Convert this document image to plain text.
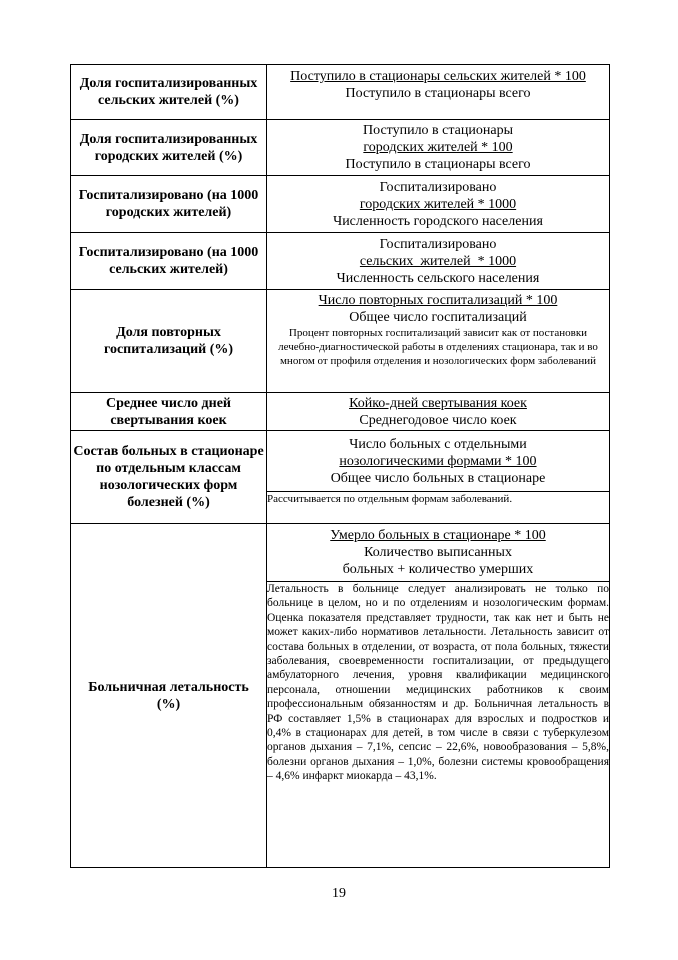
Доля госпитализированных сельских жителей (%)	Поступило в стационары сельских жителей * 100
Поступило в стационары всего

Доля госпитализированных городских жителей (%)	Поступило в стационары
городских жителей * 100
Поступило в стационары всего

Госпитализировано (на 1000 городских жителей)	Госпитализировано
городских жителей * 1000
Численность городского населения

Госпитализировано (на 1000 сельских жителей)	Госпитализировано
сельских  жителей  * 1000
Численность сельского населения

Доля повторных госпитализаций (%)	Число повторных госпитализаций * 100
Общее число госпитализаций
Процент повторных госпитализаций зависит как от постановки лечебно-диагностической работы в отделениях стационара, так и во многом от профиля отделения и нозологических форм заболеваний

Среднее число дней свертывания коек	Койко-дней свертывания коек
Среднегодовое число коек

Состав больных в стационаре по отдельным классам нозологических форм болезней (%)	Число больных с отдельными
нозологическими формами * 100
Общее число больных в стационаре

	Рассчитывается по отдельным формам заболеваний.
Больничная летальность (%)	Умерло больных в стационаре * 100
Количество выписанных
больных + количество умерших

	Летальность в больнице следует анализировать не только по больнице в целом, но и по отделениям и нозологическим формам. Оценка показателя представляет трудности, так как нет и быть не может каких-либо нормативов летальности. Летальность зависит от состава больных в отделении, от возраста, от пола больных, тяжести заболевания, своевременности госпитализации, от предыдущего амбулаторного лечения, уровня квалификации медицинского персонала, отношении медицинских работников к своим профессиональным обязанностям и др. Больничная летальность в РФ составляет 1,5% в стационарах для взрослых и подростков и 0,4% в стационарах для детей, в том числе в связи с туберкулезом органов дыхания – 7,1%, сепсис – 22,6%, новообразования – 5,8%, болезни органов дыхания – 1,0%, болезни системы кровообращения – 4,6% инфаркт миокарда – 43,1%.
19
